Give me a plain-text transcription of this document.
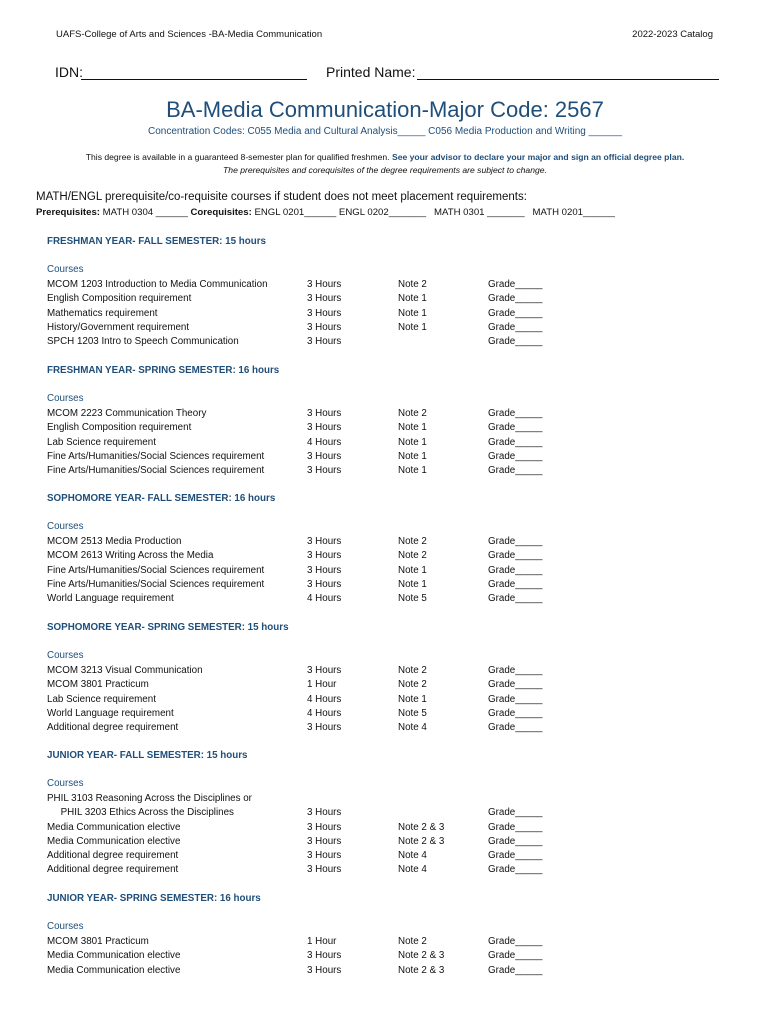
UAFS-College of Arts and Sciences -BA-Media Communication	2022-2023 Catalog
IDN:	Printed Name:
BA-Media Communication-Major Code: 2567
Concentration Codes: C055 Media and Cultural Analysis_____ C056 Media Production and Writing ______
This degree is available in a guaranteed 8-semester plan for qualified freshmen. See your advisor to declare your major and sign an official degree plan.
The prerequisites and corequisites of the degree requirements are subject to change.
MATH/ENGL prerequisite/co-requisite courses if student does not meet placement requirements:
Prerequisites: MATH 0304 ______ Corequisites: ENGL 0201______ ENGL 0202_______   MATH 0301 _______   MATH 0201______
FRESHMAN YEAR- FALL SEMESTER: 15 hours
Courses
MCOM 1203 Introduction to Media Communication	3 Hours	Note 2	Grade_____
English Composition requirement	3 Hours	Note 1	Grade_____
Mathematics requirement	3 Hours	Note 1	Grade_____
History/Government requirement	3 Hours	Note 1	Grade_____
SPCH 1203 Intro to Speech Communication	3 Hours	Grade_____
FRESHMAN YEAR- SPRING SEMESTER: 16 hours
Courses
MCOM 2223 Communication Theory	3 Hours	Note 2	Grade_____
English Composition requirement	3 Hours	Note 1	Grade_____
Lab Science requirement	4 Hours	Note 1	Grade_____
Fine Arts/Humanities/Social Sciences requirement	3 Hours	Note 1	Grade_____
Fine Arts/Humanities/Social Sciences requirement	3 Hours	Note 1	Grade_____
SOPHOMORE YEAR- FALL SEMESTER: 16 hours
Courses
MCOM 2513 Media Production	3 Hours	Note 2	Grade_____
MCOM 2613 Writing Across the Media	3 Hours	Note 2	Grade_____
Fine Arts/Humanities/Social Sciences requirement	3 Hours	Note 1	Grade_____
Fine Arts/Humanities/Social Sciences requirement	3 Hours	Note 1	Grade_____
World Language requirement	4 Hours	Note 5	Grade_____
SOPHOMORE YEAR- SPRING SEMESTER: 15 hours
Courses
MCOM 3213 Visual Communication	3 Hours	Note 2	Grade_____
MCOM 3801 Practicum	1 Hour	Note 2	Grade_____
Lab Science requirement	4 Hours	Note 1	Grade_____
World Language requirement	4 Hours	Note 5	Grade_____
Additional degree requirement	3 Hours	Note 4	Grade_____
JUNIOR YEAR- FALL SEMESTER: 15 hours
Courses
PHIL 3103 Reasoning Across the Disciplines or
PHIL 3203 Ethics Across the Disciplines	3 Hours	Grade_____
Media Communication elective	3 Hours	Note 2 & 3	Grade_____
Media Communication elective	3 Hours	Note 2 & 3	Grade_____
Additional degree requirement	3 Hours	Note 4	Grade_____
Additional degree requirement	3 Hours	Note 4	Grade_____
JUNIOR YEAR- SPRING SEMESTER: 16 hours
Courses
MCOM 3801 Practicum	1 Hour	Note 2	Grade_____
Media Communication elective	3 Hours	Note 2 & 3	Grade_____
Media Communication elective	3 Hours	Note 2 & 3	Grade_____
